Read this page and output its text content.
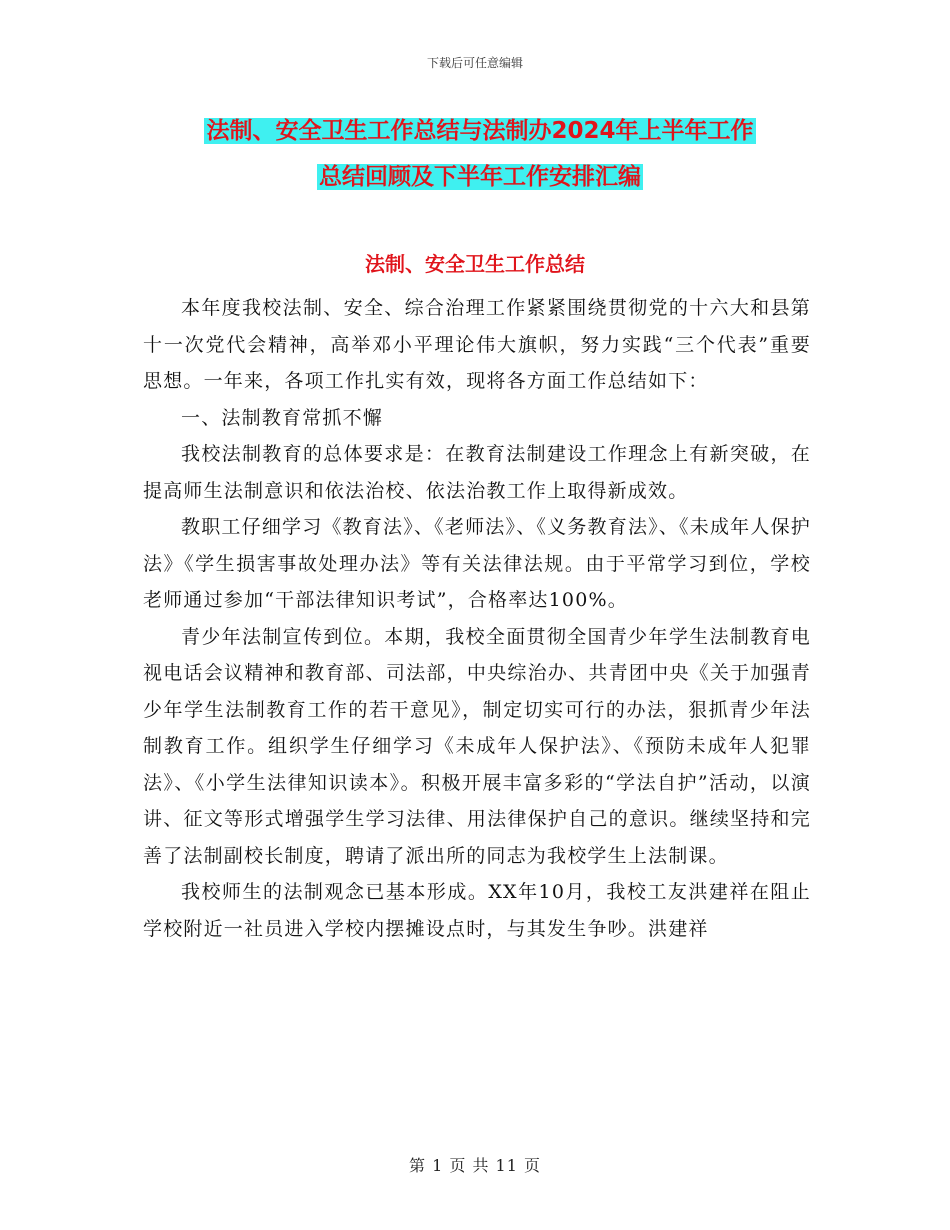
下载后可任意编辑
法制、安全卫生工作总结与法制办2024年上半年工作
总结回顾及下半年工作安排汇编
法制、安全卫生工作总结

本年度我校法制、安全、综合治理工作紧紧围绕贯彻党的十六大和县第十一次党代会精神，高举邓小平理论伟大旗帜，努力实践“三个代表”重要思想。一年来，各项工作扎实有效，现将各方面工作总结如下：

一、法制教育常抓不懈

我校法制教育的总体要求是：在教育法制建设工作理念上有新突破，在提高师生法制意识和依法治校、依法治教工作上取得新成效。

教职工仔细学习《教育法》、《老师法》、《义务教育法》、《未成年人保护法》《学生损害事故处理办法》等有关法律法规。由于平常学习到位，学校老师通过参加“干部法律知识考试”，合格率达100%。

青少年法制宣传到位。本期，我校全面贯彻全国青少年学生法制教育电视电话会议精神和教育部、司法部，中央综治办、共青团中央《关于加强青少年学生法制教育工作的若干意见》，制定切实可行的办法，狠抓青少年法制教育工作。组织学生仔细学习《未成年人保护法》、《预防未成年人犯罪法》、《小学生法律知识读本》。积极开展丰富多彩的“学法自护”活动，以演讲、征文等形式增强学生学习法律、用法律保护自己的意识。继续坚持和完善了法制副校长制度，聘请了派出所的同志为我校学生上法制课。

我校师生的法制观念已基本形成。XX年10月，我校工友洪建祥在阻止学校附近一社员进入学校内摆摊设点时，与其发生争吵。洪建祥

第 1 页 共 11 页
